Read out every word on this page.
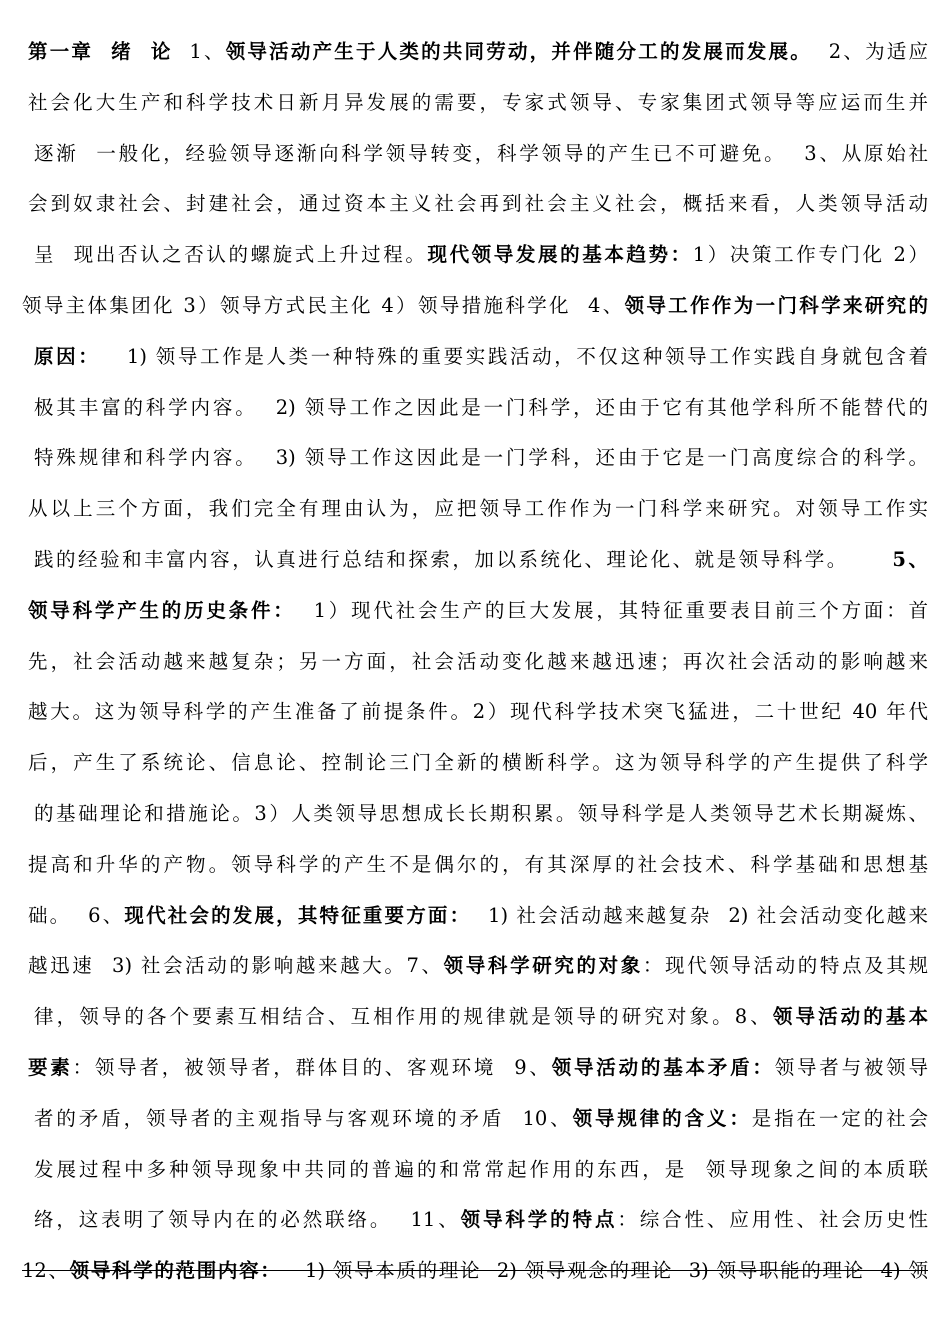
第一章  绪  论  1、领导活动产生于人类的共同劳动，并伴随分工的发展而发展。  2、为适应
社会化大生产和科学技术日新月异发展的需要，专家式领导、专家集团式领导等应运而生并
逐渐  一般化，经验领导逐渐向科学领导转变，科学领导的产生已不可避免。  3、从原始社
会到奴隶社会、封建社会，通过资本主义社会再到社会主义社会，概括来看，人类领导活动
呈  现出否认之否认的螺旋式上升过程。现代领导发展的基本趋势：1）决策工作专门化 2）
领导主体集团化 3）领导方式民主化 4）领导措施科学化  4、领导工作作为一门科学来研究的
原因：   1) 领导工作是人类一种特殊的重要实践活动，不仅这种领导工作实践自身就包含着
极其丰富的科学内容。  2) 领导工作之因此是一门科学，还由于它有其他学科所不能替代的
特殊规律和科学内容。  3) 领导工作这因此是一门学科，还由于它是一门高度综合的科学。
从以上三个方面，我们完全有理由认为，应把领导工作作为一门科学来研究。对领导工作实
践的经验和丰富内容，认真进行总结和探索，加以系统化、理论化、就是领导科学。     5、
领导科学产生的历史条件：  1）现代社会生产的巨大发展，其特征重要表目前三个方面：首
先，社会活动越来越复杂；另一方面，社会活动变化越来越迅速；再次社会活动的影响越来
越大。这为领导科学的产生准备了前提条件。2）现代科学技术突飞猛进，二十世纪 40 年代
后，产生了系统论、信息论、控制论三门全新的横断科学。这为领导科学的产生提供了科学
的基础理论和措施论。3）人类领导思想成长长期积累。领导科学是人类领导艺术长期凝炼、
提高和升华的产物。领导科学的产生不是偶尔的，有其深厚的社会技术、科学基础和思想基
础。  6、现代社会的发展，其特征重要方面：  1) 社会活动越来越复杂  2) 社会活动变化越来
越迅速  3) 社会活动的影响越来越大。7、领导科学研究的对象：现代领导活动的特点及其规
律，领导的各个要素互相结合、互相作用的规律就是领导的研究对象。8、领导活动的基本
要素：领导者，被领导者，群体目的、客观环境  9、领导活动的基本矛盾：领导者与被领导
者的矛盾，领导者的主观指导与客观环境的矛盾  10、领导规律的含义：是指在一定的社会
发展过程中多种领导现象中共同的普遍的和常常起作用的东西，是  领导现象之间的本质联
络，这表明了领导内在的必然联络。  11、领导科学的特点：综合性、应用性、社会历史性
12、领导科学的范围内容：   1) 领导本质的理论  2) 领导观念的理论  3) 领导职能的理论  4) 领
